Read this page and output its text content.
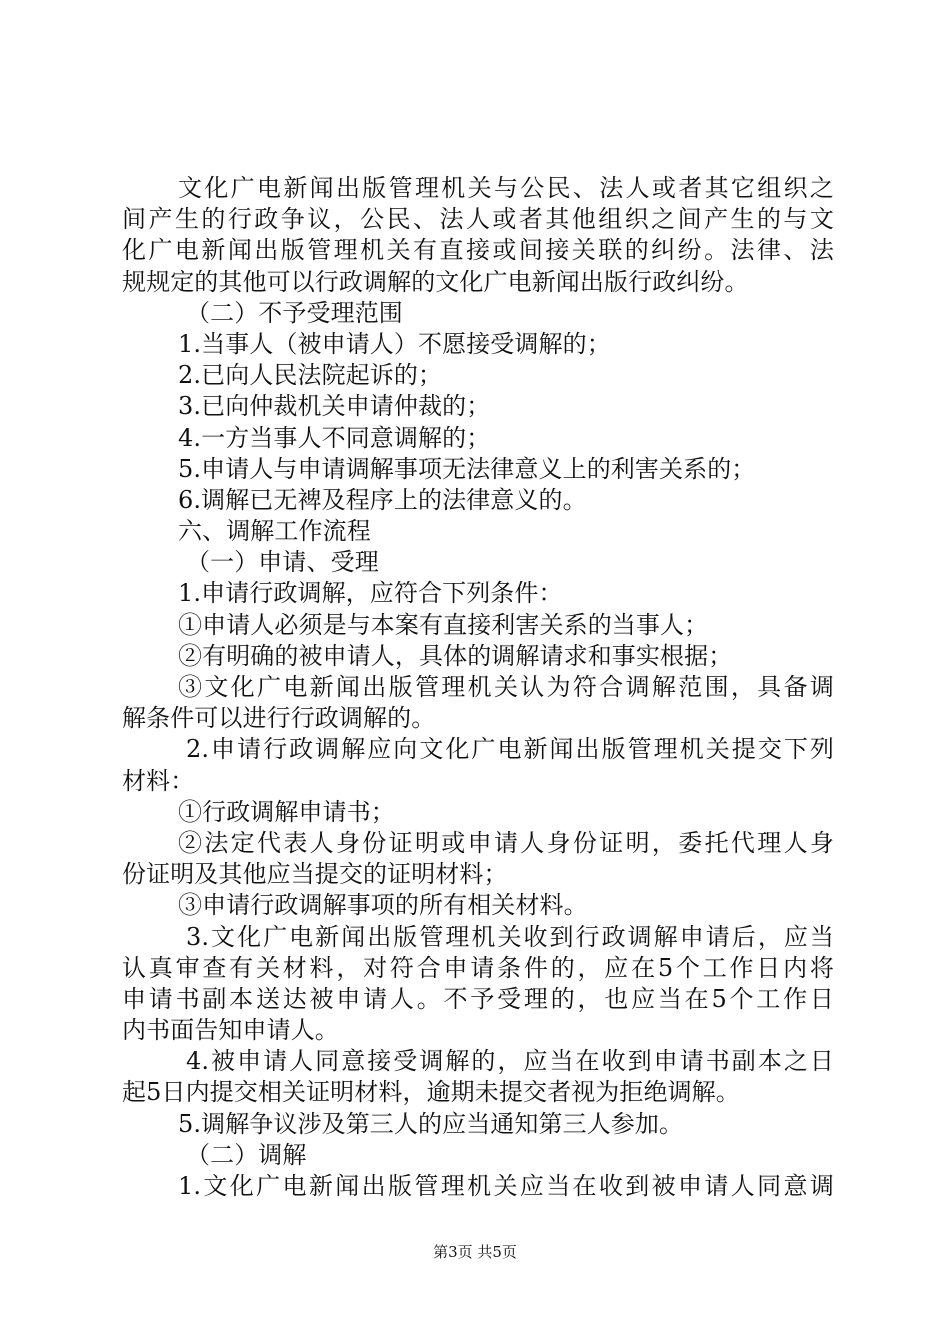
文化广电新闻出版管理机关与公民、法人或者其它组织之
间产生的行政争议，公民、法人或者其他组织之间产生的与文
化广电新闻出版管理机关有直接或间接关联的纠纷。法律、法
规规定的其他可以行政调解的文化广电新闻出版行政纠纷。
（二）不予受理范围
1.当事人（被申请人）不愿接受调解的；
2.已向人民法院起诉的；
3.已向仲裁机关申请仲裁的；
4.一方当事人不同意调解的；
5.申请人与申请调解事项无法律意义上的利害关系的；
6.调解已无裨及程序上的法律意义的。
六、调解工作流程
（一）申请、受理
1.申请行政调解，应符合下列条件：
①申请人必须是与本案有直接利害关系的当事人；
②有明确的被申请人，具体的调解请求和事实根据；
③文化广电新闻出版管理机关认为符合调解范围，具备调
解条件可以进行行政调解的。
2.申请行政调解应向文化广电新闻出版管理机关提交下列
材料：
①行政调解申请书；
②法定代表人身份证明或申请人身份证明，委托代理人身
份证明及其他应当提交的证明材料；
③申请行政调解事项的所有相关材料。
3.文化广电新闻出版管理机关收到行政调解申请后，应当
认真审查有关材料，对符合申请条件的，应在5个工作日内将
申请书副本送达被申请人。不予受理的，也应当在5个工作日
内书面告知申请人。
4.被申请人同意接受调解的，应当在收到申请书副本之日
起5日内提交相关证明材料，逾期未提交者视为拒绝调解。
5.调解争议涉及第三人的应当通知第三人参加。
（二）调解
1.文化广电新闻出版管理机关应当在收到被申请人同意调
第3页 共5页
